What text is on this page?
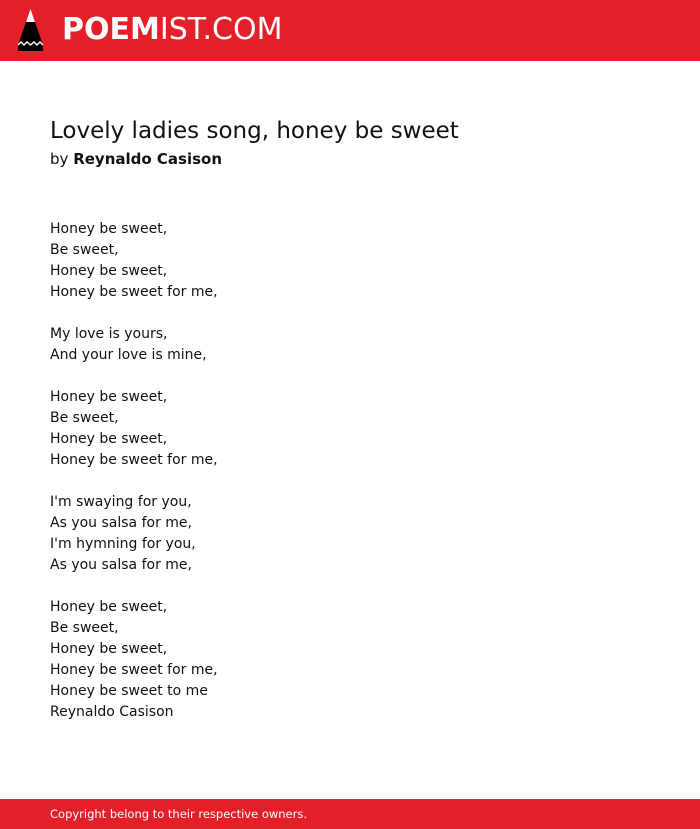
POEMIST.COM
Lovely ladies song, honey be sweet
by Reynaldo Casison
Honey be sweet,
Be sweet,
Honey be sweet,
Honey be sweet for me,
My love is yours,
And your love is mine,
Honey be sweet,
Be sweet,
Honey be sweet,
Honey be sweet for me,
I'm swaying for you,
As you salsa for me,
I'm hymning for you,
As you salsa for me,
Honey be sweet,
Be sweet,
Honey be sweet,
Honey be sweet for me,
Honey be sweet to me
Reynaldo Casison
Copyright belong to their respective owners.
